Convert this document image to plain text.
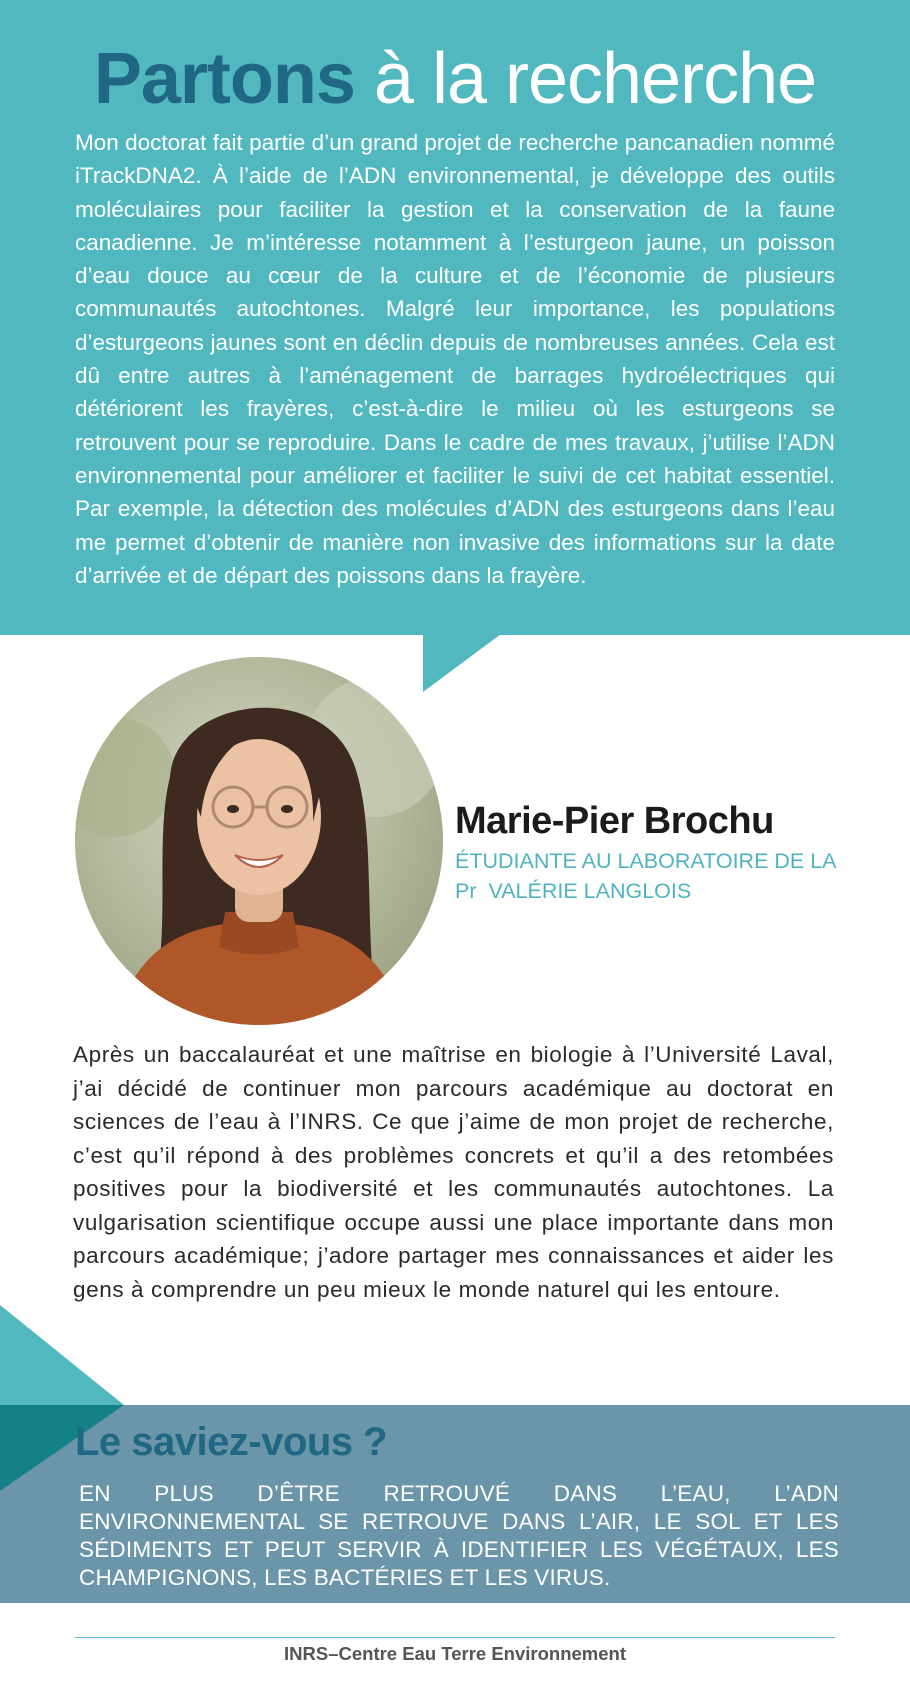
Partons à la recherche

Mon doctorat fait partie d’un grand projet de recherche pancanadien nommé iTrackDNA2. À l’aide de l’ADN environnemental, je développe des outils moléculaires pour faciliter la gestion et la conservation de la faune canadienne. Je m’intéresse notamment à l’esturgeon jaune, un poisson d’eau douce au cœur de la culture et de l’économie de plusieurs communautés autochtones. Malgré leur importance, les populations d’esturgeons jaunes sont en déclin depuis de nombreuses années. Cela est dû entre autres à l’aménagement de barrages hydroélectriques qui détériorent les frayères, c’est-à-dire le milieu où les esturgeons se retrouvent pour se reproduire. Dans le cadre de mes travaux, j’utilise l’ADN environnemental pour améliorer et faciliter le suivi de cet habitat essentiel. Par exemple, la détection des molécules d’ADN des esturgeons dans l’eau me permet d’obtenir de manière non invasive des informations sur la date d’arrivée et de départ des poissons dans la frayère.

Marie-Pier Brochu

ÉTUDIANTE AU LABORATOIRE DE LA
Pr  VALÉRIE LANGLOIS

Après un baccalauréat et une maîtrise en biologie à l’Université Laval, j’ai décidé de continuer mon parcours académique au doctorat en sciences de l’eau à l’INRS. Ce que j’aime de mon projet de recherche, c’est qu’il répond à des problèmes concrets et qu’il a des retombées positives pour la biodiversité et les communautés autochtones. La vulgarisation scientifique occupe aussi une place importante dans mon parcours académique; j’adore partager mes connaissances et aider les gens à comprendre un peu mieux le monde naturel qui les entoure.

Le saviez-vous ?

EN PLUS D’ÊTRE RETROUVÉ DANS L’EAU, L’ADN ENVIRONNEMENTAL SE RETROUVE DANS L’AIR, LE SOL ET LES SÉDIMENTS ET PEUT SERVIR À IDENTIFIER LES VÉGÉTAUX, LES CHAMPIGNONS, LES BACTÉRIES ET LES VIRUS.

INRS–Centre Eau Terre Environnement
